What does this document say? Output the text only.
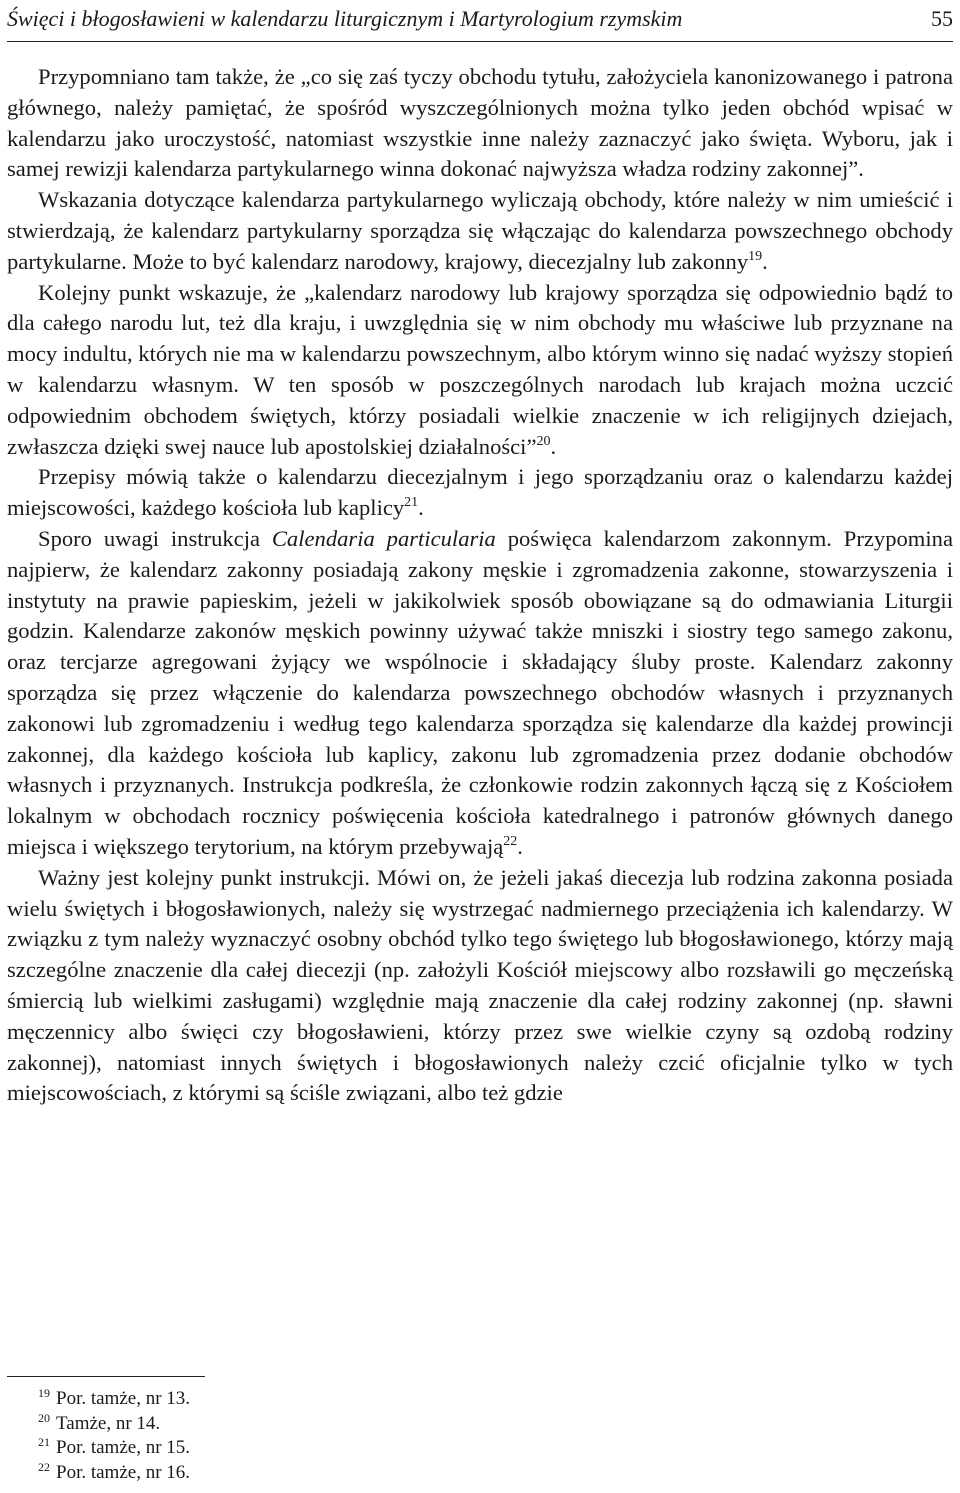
Święci i błogosławieni w kalendarzu liturgicznym i Martyrologium rzymskim	55

Przypomniano tam także, że „co się zaś tyczy obchodu tytułu, założyciela kanonizowanego i patrona głównego, należy pamiętać, że spośród wyszczególnionych można tylko jeden obchód wpisać w kalendarzu jako uroczystość, natomiast wszystkie inne należy zaznaczyć jako święta. Wyboru, jak i samej rewizji kalendarza partykularnego winna dokonać najwyższa władza rodziny zakonnej”.

Wskazania dotyczące kalendarza partykularnego wyliczają obchody, które należy w nim umieścić i stwierdzają, że kalendarz partykularny sporządza się włączając do kalendarza powszechnego obchody partykularne. Może to być kalendarz narodowy, krajowy, diecezjalny lub zakonny$^{19}$.

Kolejny punkt wskazuje, że „kalendarz narodowy lub krajowy sporządza się odpowiednio bądź to dla całego narodu lut, też dla kraju, i uwzględnia się w nim obchody mu właściwe lub przyznane na mocy indultu, których nie ma w kalendarzu powszechnym, albo którym winno się nadać wyższy stopień w kalendarzu własnym. W ten sposób w poszczególnych narodach lub krajach można uczcić odpowiednim obchodem świętych, którzy posiadali wielkie znaczenie w ich religijnych dziejach, zwłaszcza dzięki swej nauce lub apostolskiej działalności”$^{20}$.

Przepisy mówią także o kalendarzu diecezjalnym i jego sporządzaniu oraz o kalendarzu każdej miejscowości, każdego kościoła lub kaplicy$^{21}$.

Sporo uwagi instrukcja Calendaria particularia poświęca kalendarzom zakonnym. Przypomina najpierw, że kalendarz zakonny posiadają zakony męskie i zgromadzenia zakonne, stowarzyszenia i instytuty na prawie papieskim, jeżeli w jakikolwiek sposób obowiązane są do odmawiania Liturgii godzin. Kalendarze zakonów męskich powinny używać także mniszki i siostry tego samego zakonu, oraz tercjarze agregowani żyjący we wspólnocie i składający śluby proste. Kalendarz zakonny sporządza się przez włączenie do kalendarza powszechnego obchodów własnych i przyznanych zakonowi lub zgromadzeniu i według tego kalendarza sporządza się kalendarze dla każdej prowincji zakonnej, dla każdego kościoła lub kaplicy, zakonu lub zgromadzenia przez dodanie obchodów własnych i przyznanych. Instrukcja podkreśla, że członkowie rodzin zakonnych łączą się z Kościołem lokalnym w obchodach rocznicy poświęcenia kościoła katedralnego i patronów głównych danego miejsca i większego terytorium, na którym przebywają$^{22}$.

Ważny jest kolejny punkt instrukcji. Mówi on, że jeżeli jakaś diecezja lub rodzina zakonna posiada wielu świętych i błogosławionych, należy się wystrzegać nadmiernego przeciążenia ich kalendarzy. W związku z tym należy wyznaczyć osobny obchód tylko tego świętego lub błogosławionego, którzy mają szczególne znaczenie dla całej diecezji (np. założyli Kościół miejscowy albo rozsławili go męczeńską śmiercią lub wielkimi zasługami) względnie mają znaczenie dla całej rodziny zakonnej (np. sławni męczennicy albo święci czy błogosławieni, którzy przez swe wielkie czyny są ozdobą rodziny zakonnej), natomiast innych świętych i błogosławionych należy czcić oficjalnie tylko w tych miejscowościach, z którymi są ściśle związani, albo też gdzie

$^{19}$ Por. tamże, nr 13.
$^{20}$ Tamże, nr 14.
$^{21}$ Por. tamże, nr 15.
$^{22}$ Por. tamże, nr 16.
